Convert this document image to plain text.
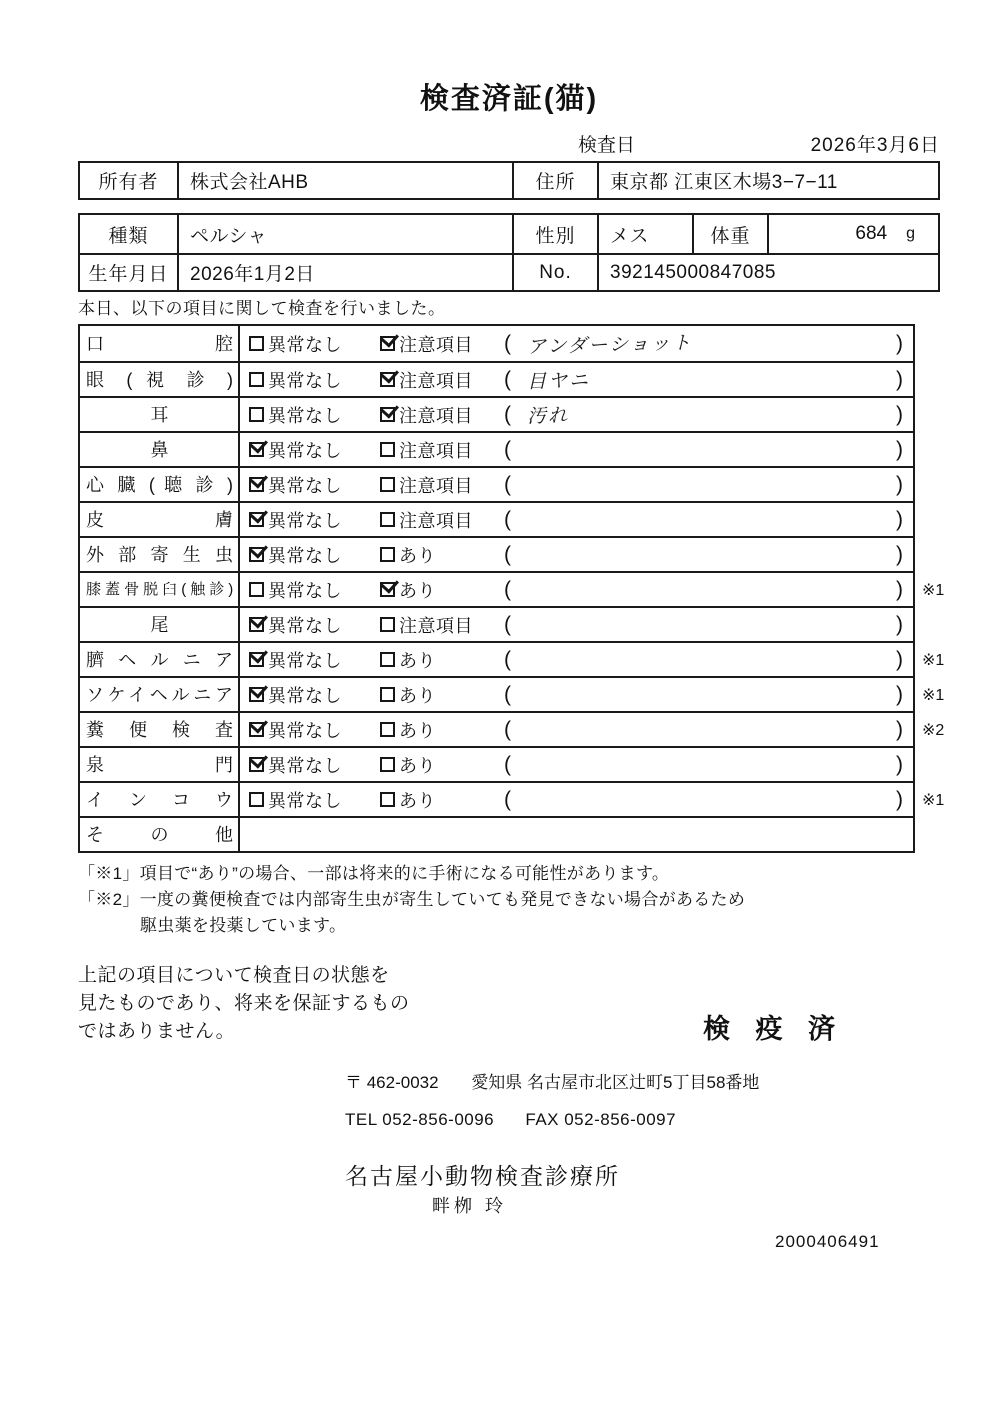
検査済証(猫)
検査日	2026年3月6日
所有者	株式会社AHB	住所	東京都 江東区木場3−7−11
種類	ペルシャ	性別	メス	体重	684 g
生年月日	2026年1月2日	No.	392145000847085

本日、以下の項目に関して検査を行いました。

口 腔 異常なし	注意項目 ( アンダーショット	)
眼 ( 視 診 ) 異常なし	注意項目 ( 目ヤニ	)
耳	異常なし	注意項目 ( 汚れ	)
鼻	異常なし	注意項目 (	)
心 臓 ( 聴 診 ) 異常なし	注意項目 (	)
皮 膚 異常なし	注意項目 (	)
外 部 寄 生 虫 異常なし	あり	(	)
膝蓋骨脱臼(触診) 異常なし	あり	(	) ※1
尾	異常なし	注意項目 (	)
臍 ヘ ル ニ ア 異常なし	あり	(	) ※1
ソケイヘルニア 異常なし	あり	(	) ※1
糞 便 検 査 異常なし	あり	(	) ※2
泉 門 異常なし	あり	(	)
イ ン コ ウ 異常なし	あり	(	) ※1
そ の 他

「※1」項目で“あり”の場合、一部は将来的に手術になる可能性があります。

「※2」一度の糞便検査では内部寄生虫が寄生していても発見できない場合があるため

駆虫薬を投薬しています。

上記の項目について検査日の状態を

見たものであり、将来を保証するもの

ではありません。	検 疫 済

〒 462-0032 愛知県 名古屋市北区辻町5丁目58番地

TEL 052-856-0096 FAX 052-856-0097

名古屋小動物検査診療所

畔栁 玲

2000406491
